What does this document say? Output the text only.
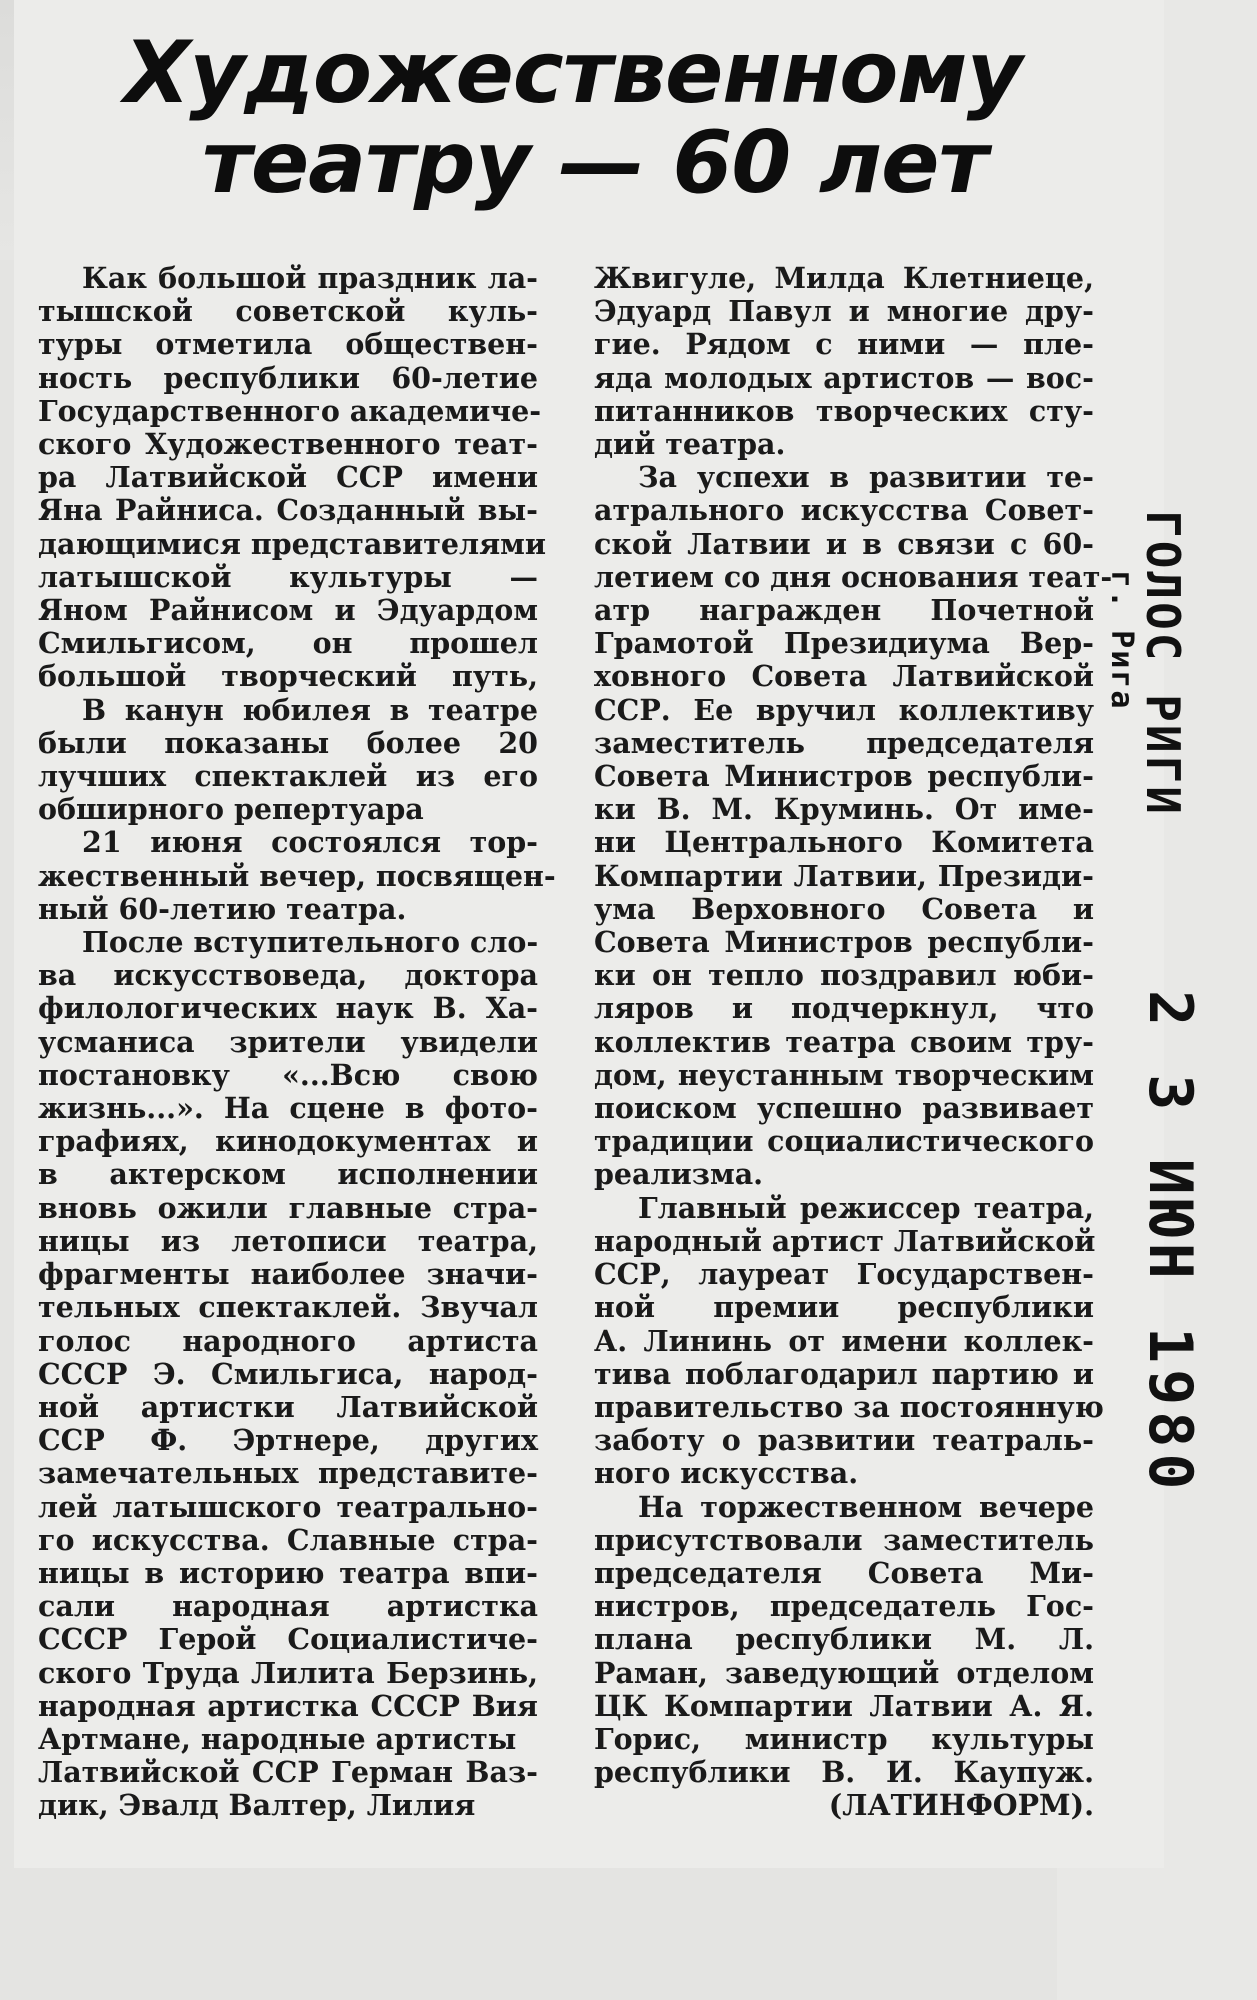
Художественному
театру — 60 лет
Как большой праздник ла-
тышской советской куль-
туры отметила обществен-
ность республики 60-летие
Государственного академиче-
ского Художественного теат-
ра Латвийской ССР имени
Яна Райниса. Созданный вы-
дающимися представителями
латышской культуры —
Яном Райнисом и Эдуардом
Смильгисом, он прошел
большой творческий путь,
В канун юбилея в театре
были показаны более 20
лучших спектаклей из его
обширного репертуара
21 июня состоялся тор-
жественный вечер, посвящен-
ный 60-летию театра.
После вступительного сло-
ва искусствоведа, доктора
филологических наук В. Ха-
усманиса зрители увидели
постановку «...Всю свою
жизнь...». На сцене в фото-
графиях, кинодокументах и
в актерском исполнении
вновь ожили главные стра-
ницы из летописи театра,
фрагменты наиболее значи-
тельных спектаклей. Звучал
голос народного артиста
СССР Э. Смильгиса, народ-
ной артистки Латвийской
ССР Ф. Эртнере, других
замечательных представите-
лей латышского театрально-
го искусства. Славные стра-
ницы в историю театра впи-
сали народная артистка
СССР Герой Социалистиче-
ского Труда Лилита Берзинь,
народная артистка СССР Вия
Артмане, народные артисты
Латвийской ССР Герман Ваз-
дик, Эвалд Валтер, Лилия
Жвигуле, Милда Клетниеце,
Эдуард Павул и многие дру-
гие. Рядом с ними — пле-
яда молодых артистов — вос-
питанников творческих сту-
дий театра.
За успехи в развитии те-
атрального искусства Совет-
ской Латвии и в связи с 60-
летием со дня основания теат-
атр награжден Почетной
Грамотой Президиума Вер-
ховного Совета Латвийской
ССР. Ее вручил коллективу
заместитель председателя
Совета Министров республи-
ки В. М. Круминь. От име-
ни Центрального Комитета
Компартии Латвии, Президи-
ума Верховного Совета и
Совета Министров республи-
ки он тепло поздравил юби-
ляров и подчеркнул, что
коллектив театра своим тру-
дом, неустанным творческим
поиском успешно развивает
традиции социалистического
реализма.
Главный режиссер театра,
народный артист Латвийской
ССР, лауреат Государствен-
ной премии республики
А. Лининь от имени коллек-
тива поблагодарил партию и
правительство за постоянную
заботу о развитии театраль-
ного искусства.
На торжественном вечере
присутствовали заместитель
председателя Совета Ми-
нистров, председатель Гос-
плана республики М. Л.
Раман, заведующий отделом
ЦК Компартии Латвии А. Я.
Горис, министр культуры
республики В. И. Каупуж.
(ЛАТИНФОРМ).
ГОЛОС РИГИ
г. Рига
2 3 ИЮН 1980
